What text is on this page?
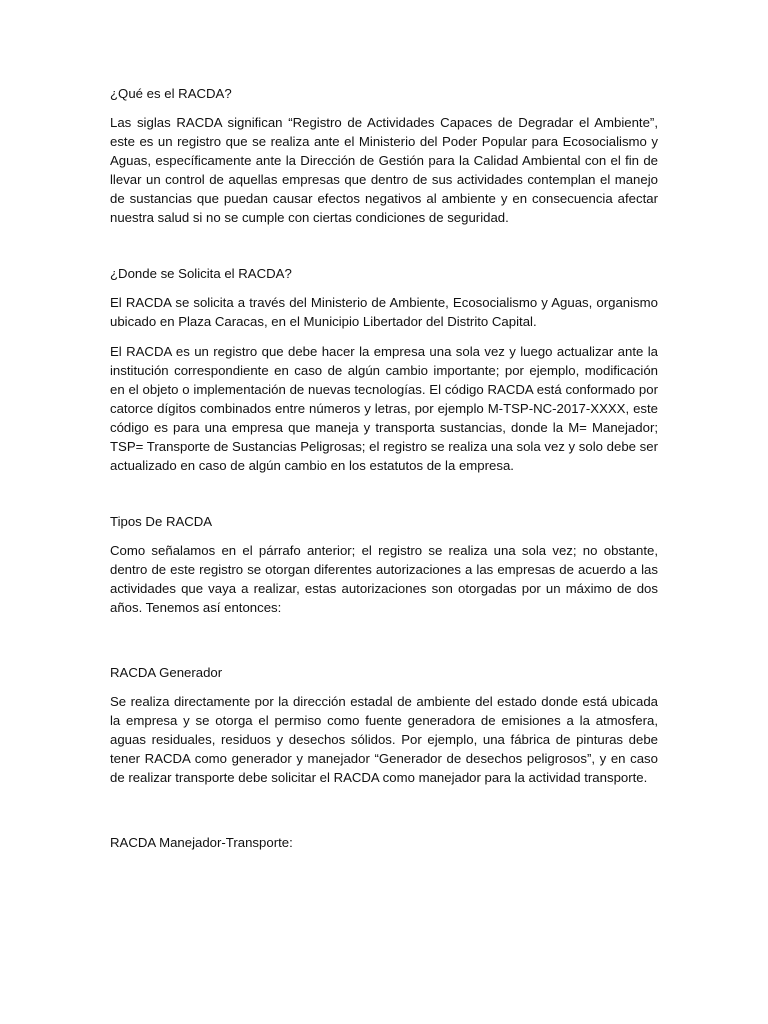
¿Qué es el RACDA?

Las siglas RACDA significan “Registro de Actividades Capaces de Degradar el Ambiente”, este es un registro que se realiza ante el Ministerio del Poder Popular para Ecosocialismo y Aguas, específicamente ante la Dirección de Gestión para la Calidad Ambiental con el fin de llevar un control de aquellas empresas que dentro de sus actividades contemplan el manejo de sustancias que puedan causar efectos negativos al ambiente y en consecuencia afectar nuestra salud si no se cumple con ciertas condiciones de seguridad.

¿Donde se Solicita el RACDA?

El RACDA se solicita a través del Ministerio de Ambiente, Ecosocialismo y Aguas, organismo ubicado en Plaza Caracas, en el Municipio Libertador del Distrito Capital.

El RACDA es un registro que debe hacer la empresa una sola vez y luego actualizar ante la institución correspondiente en caso de algún cambio importante; por ejemplo, modificación en el objeto o implementación de nuevas tecnologías. El código RACDA está conformado por catorce dígitos combinados entre números y letras, por ejemplo M-TSP-NC-2017-XXXX, este código es para una empresa que maneja y transporta sustancias, donde la M= Manejador; TSP= Transporte de Sustancias Peligrosas; el registro se realiza una sola vez y solo debe ser actualizado en caso de algún cambio en los estatutos de la empresa.

Tipos De RACDA

Como señalamos en el párrafo anterior; el registro se realiza una sola vez; no obstante, dentro de este registro se otorgan diferentes autorizaciones a las empresas de acuerdo a las actividades que vaya a realizar, estas autorizaciones son otorgadas por un máximo de dos años. Tenemos así entonces:

RACDA Generador

Se realiza directamente por la dirección estadal de ambiente del estado donde está ubicada la empresa y se otorga el permiso como fuente generadora de emisiones a la atmosfera, aguas residuales, residuos y desechos sólidos. Por ejemplo, una fábrica de pinturas debe tener RACDA como generador y manejador “Generador de desechos peligrosos”, y en caso de realizar transporte debe solicitar el RACDA como manejador para la actividad transporte.

RACDA Manejador-Transporte:
